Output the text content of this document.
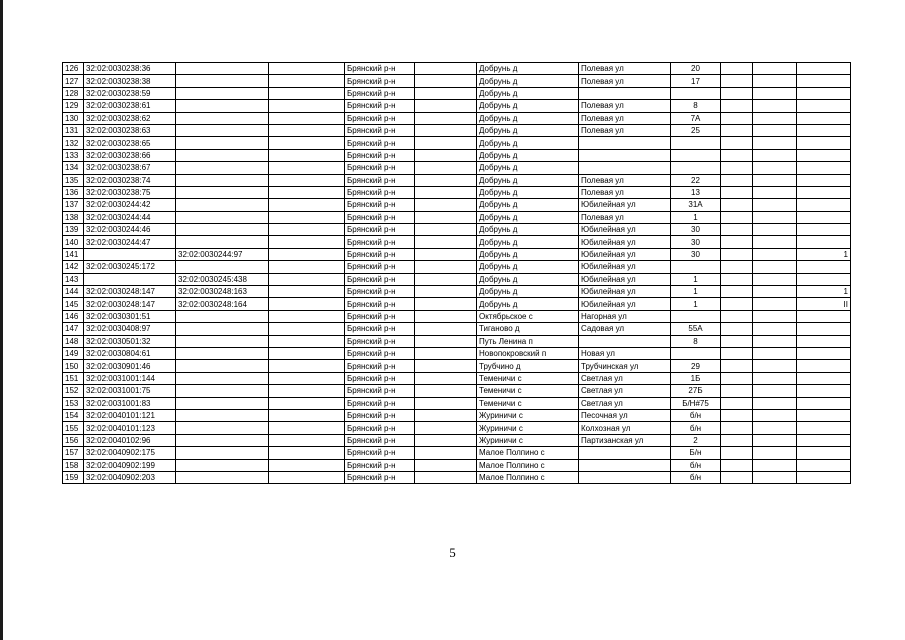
126	32:02:0030238:36			Брянский р-н		Добрунь д	Полевая ул	20			
127	32:02:0030238:38			Брянский р-н		Добрунь д	Полевая ул	17			
128	32:02:0030238:59			Брянский р-н		Добрунь д					
129	32:02:0030238:61			Брянский р-н		Добрунь д	Полевая ул	8			
130	32:02:0030238:62			Брянский р-н		Добрунь д	Полевая ул	7А			
131	32:02:0030238:63			Брянский р-н		Добрунь д	Полевая ул	25			
132	32:02:0030238:65			Брянский р-н		Добрунь д					
133	32:02:0030238:66			Брянский р-н		Добрунь д					
134	32:02:0030238:67			Брянский р-н		Добрунь д					
135	32:02:0030238:74			Брянский р-н		Добрунь д	Полевая ул	22			
136	32:02:0030238:75			Брянский р-н		Добрунь д	Полевая ул	13			
137	32:02:0030244:42			Брянский р-н		Добрунь д	Юбилейная ул	31А			
138	32:02:0030244:44			Брянский р-н		Добрунь д	Полевая ул	1			
139	32:02:0030244:46			Брянский р-н		Добрунь д	Юбилейная ул	30			
140	32:02:0030244:47			Брянский р-н		Добрунь д	Юбилейная ул	30			
141		32:02:0030244:97		Брянский р-н		Добрунь д	Юбилейная ул	30			1
142	32:02:0030245:172			Брянский р-н		Добрунь д	Юбилейная ул				
143		32:02:0030245:438		Брянский р-н		Добрунь д	Юбилейная ул	1			
144	32:02:0030248:147	32:02:0030248:163		Брянский р-н		Добрунь д	Юбилейная ул	1			1
145	32:02:0030248:147	32:02:0030248:164		Брянский р-н		Добрунь д	Юбилейная ул	1			II
146	32:02:0030301:51			Брянский р-н		Октябрьское с	Нагорная ул				
147	32:02:0030408:97			Брянский р-н		Тиганово д	Садовая ул	55А			
148	32:02:0030501:32			Брянский р-н		Путь Ленина п		8			
149	32:02:0030804:61			Брянский р-н		Новопокровский п	Новая ул				
150	32:02:0030901:46			Брянский р-н		Трубчино д	Трубчинская ул	29			
151	32:02:0031001:144			Брянский р-н		Теменичи с	Светлая ул	1Б			
152	32:02:0031001:75			Брянский р-н		Теменичи с	Светлая ул	27Б			
153	32:02:0031001:83			Брянский р-н		Теменичи с	Светлая ул	Б/Н#75			
154	32:02:0040101:121			Брянский р-н		Журиничи с	Песочная ул	б/н			
155	32:02:0040101:123			Брянский р-н		Журиничи с	Колхозная ул	б/н			
156	32:02:0040102:96			Брянский р-н		Журиничи с	Партизанская ул	2			
157	32:02:0040902:175			Брянский р-н		Малое Полпино с		Б/н			
158	32:02:0040902:199			Брянский р-н		Малое Полпино с		б/н			
159	32:02:0040902:203			Брянский р-н		Малое Полпино с		б/н			
5
